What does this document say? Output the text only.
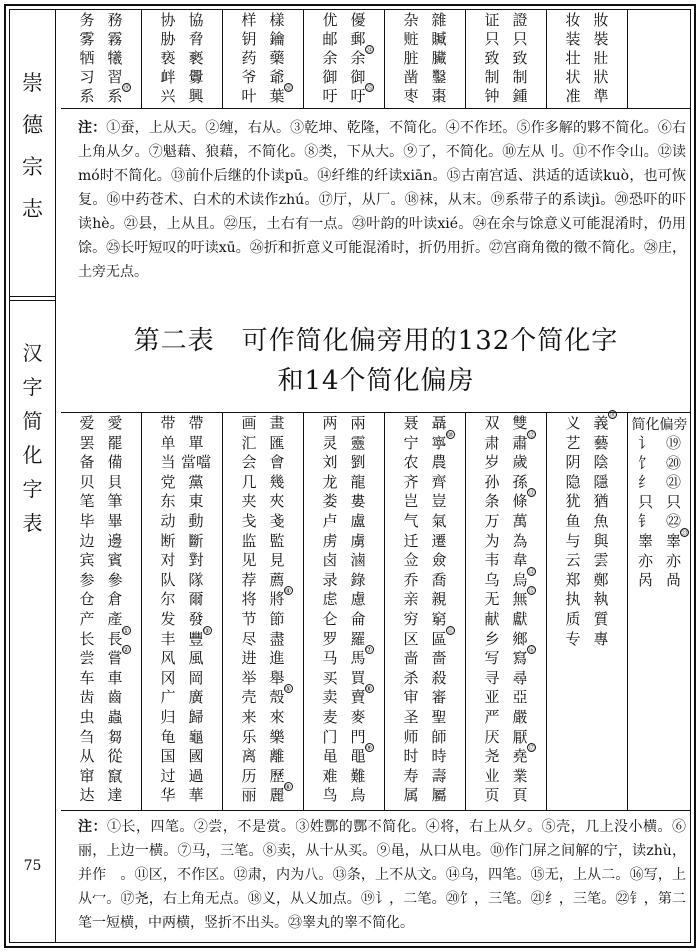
崇
德
宗
志
汉
字
简
化
字
表
75
务
雾
牺
习
系
務
霧
犧
習
系 ⑲
协
胁
亵
衅
兴
協
脅
褻
釁
興
样
钥
药
爷
叶
樣
鑰
藥
爺
葉 ㉘
优
邮
余
御
吁
優
郵
余 ㉔
御
吁 ㉕
杂
赃
脏
凿
枣
雜
贓
臟
鑿
棗
证
只
致
制
钟
證
只
致
制
鍾
妆
装
壮
状
准
妝
裝
壯
狀
準
注：①蚕，上从天。②缠，右从。③乾坤、乾隆，不简化。④不作坯。⑤作多解的夥不简化。⑥右上角从夕。⑦魁藉、狼藉，不简化。⑧类，下从大。⑨了，不简化。⑩左从刂。⑪不作令山。⑫读mó时不简化。⑬前仆后继的仆读pū。⑭纤维的纤读xiān。⑮古南宫适、洪适的适读kuò，也可恢复。⑯中药苍术、白术的术读作zhú。⑰厅，从厂。⑱袜，从末。⑲系带子的系读jì。⑳恐吓的吓读hè。㉑县，上从且。㉒压，土右有一点。㉓叶韵的叶读xié。㉔在余与馀意义可能混淆时，仍用馀。㉕长吁短叹的吁读xū。㉖折和折意义可能混淆时，折仍用折。㉗宫商角徵的徵不简化。㉘庄，土旁无点。
第二表　可作简化偏旁用的132个简化字
和14个简化偏房
爱
罢
备
贝
笔
毕
边
宾
参
仓
产
长
尝
车
齿
虫
刍
从
窜
达
愛
罷
備
貝
筆
畢
邊
賓
參
倉
產
長 ①
嘗 ②
車
齒
蟲
芻
從
竄
達
带
单
当
党
东
动
断
对
队
尔
发
丰
风
冈
广
归
龟
国
过
华
帶
單
當噹
黨
東
動
斷
對
隊
爾
發
豐 ③
風
岡
廣
歸
龜
國
過
華
画
汇
会
几
夹
戋
监
见
荐
将
节
尽
进
举
壳
来
乐
离
历
丽
畫
匯
會
幾
夾
戔
監
見
薦
將 ④
節
盡
進
舉
殼 ⑤
來
樂
離
歷
麗 ⑥
两
灵
刘
龙
娄
卢
虏
卤
录
虑
仑
罗
马
买
卖
麦
门
黾
难
鸟
兩
靈
劉
龍
婁
盧
虜
滷
錄
慮
侖
羅
馬 ⑦
買
賣 ⑧
麥
門
黽 ⑨
難
鳥
聂
宁
农
齐
岂
气
迁
佥
乔
亲
穷
区
啬
杀
审
圣
师
时
寿
属
聶
寧 ⑩
農
齊
豈
氣
遷
僉
喬
親
窮
區 ⑪
嗇
殺
審
聖
師
時
壽
屬
双
肃
岁
孙
条
万
为
韦
乌
无
献
乡
写
寻
亚
严
厌
尧
业
页
雙
肅 ⑫
歲
孫
條 ⑬
萬
為
韋
烏 ⑭
無 ⑮
獻
鄉
寫 ⑯
尋
亞
嚴
厭
堯 ⑰
業
頁
义
艺
阴
隐
犹
鱼
与
云
郑
执
质
专
義 ⑱
藝
陰
隱
猶
魚
與
雲
鄭
執
質
專
简化偏旁
讠
饣
纟
只
钅
睾
亦
呙
⑲
⑳
㉑
只
㉒
睾 ㉓
亦
咼
注：①长，四笔。②尝，不是赏。③姓酆的酆不简化。④将，右上从夕。⑤壳，几上没小横。⑥丽，上边一横。⑦马，三笔。⑧卖，从十从买。⑨黾，从口从电。⑩作门屏之间解的宁，读zhù，并作　。⑪区，不作区。⑫肃，内为八。⑬条，上不从文。⑭乌，四笔。⑮无，上从二。⑯写，上从冖。⑰尧，右上角无点。⑱义，从乂加点。⑲讠，二笔。⑳饣，三笔。㉑纟，三笔。㉒钅，第二笔一短横，中两横，竖折不出头。㉓睾丸的睾不简化。
